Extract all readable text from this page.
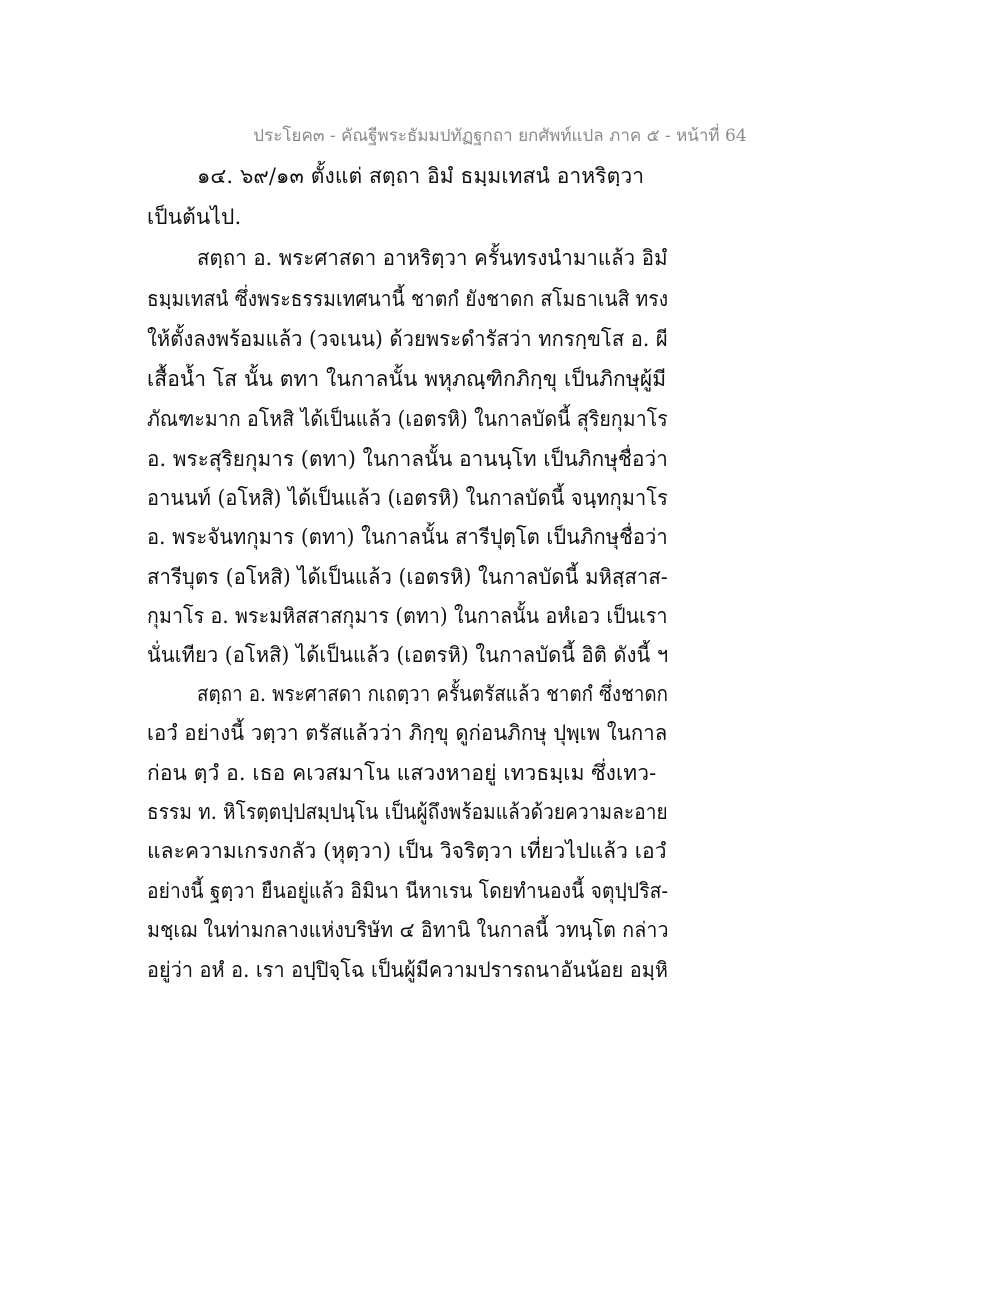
ประโยค๓ - คัณฐีพระธัมมปทัฏฐกถา ยกศัพท์แปล ภาค ๕ - หน้าที่ 64
๑๔. ๖๙/๑๓ ตั้งแต่ สตฺถา อิมํ ธมฺมเทสนํ อาหริตฺวา
เป็นต้นไป.
สตฺถา อ. พระศาสดา อาหริตฺวา ครั้นทรงนำมาแล้ว อิมํ
ธมฺมเทสนํ ซึ่งพระธรรมเทศนานี้ ชาตกํ ยังชาดก สโมธาเนสิ ทรง
ให้ตั้งลงพร้อมแล้ว (วจเนน) ด้วยพระดำรัสว่า ทกรกฺขโส อ. ผี
เสื้อน้ำ โส นั้น ตทา ในกาลนั้น พหุภณฺฑิกภิกฺขุ เป็นภิกษุผู้มี
ภัณฑะมาก อโหสิ ได้เป็นแล้ว (เอตรหิ) ในกาลบัดนี้ สุริยกุมาโร
อ. พระสุริยกุมาร (ตทา) ในกาลนั้น อานนฺโท เป็นภิกษุชื่อว่า
อานนท์ (อโหสิ) ได้เป็นแล้ว (เอตรหิ) ในกาลบัดนี้ จนฺทกุมาโร
อ. พระจันทกุมาร (ตทา) ในกาลนั้น สารีปุตฺโต เป็นภิกษุชื่อว่า
สารีบุตร (อโหสิ) ได้เป็นแล้ว (เอตรหิ) ในกาลบัดนี้ มหิสฺสาส-
กุมาโร อ. พระมหิสสาสกุมาร (ตทา) ในกาลนั้น อหํเอว เป็นเรา
นั่นเทียว (อโหสิ) ได้เป็นแล้ว (เอตรหิ) ในกาลบัดนี้ อิติ ดังนี้ ฯ
สตฺถา อ. พระศาสดา กเถตฺวา ครั้นตรัสแล้ว ชาตกํ ซึ่งชาดก
เอวํ อย่างนี้ วตฺวา ตรัสแล้วว่า ภิกฺขุ ดูก่อนภิกษุ ปุพฺเพ ในกาล
ก่อน ตฺวํ อ. เธอ คเวสมาโน แสวงหาอยู่ เทวธมฺเม ซึ่งเทว-
ธรรม ท. หิโรตฺตปฺปสมฺปนฺโน เป็นผู้ถึงพร้อมแล้วด้วยความละอาย
และความเกรงกลัว (หุตฺวา) เป็น วิจริตฺวา เที่ยวไปแล้ว เอวํ
อย่างนี้ ฐตฺวา ยืนอยู่แล้ว อิมินา นีหาเรน โดยทำนองนี้ จตุปฺปริส-
มชฺเฌ ในท่ามกลางแห่งบริษัท ๔ อิทานิ ในกาลนี้ วทนฺโต กล่าว
อยู่ว่า อหํ อ. เรา อปฺปิจฺโฉ เป็นผู้มีความปรารถนาอันน้อย อมฺหิ
